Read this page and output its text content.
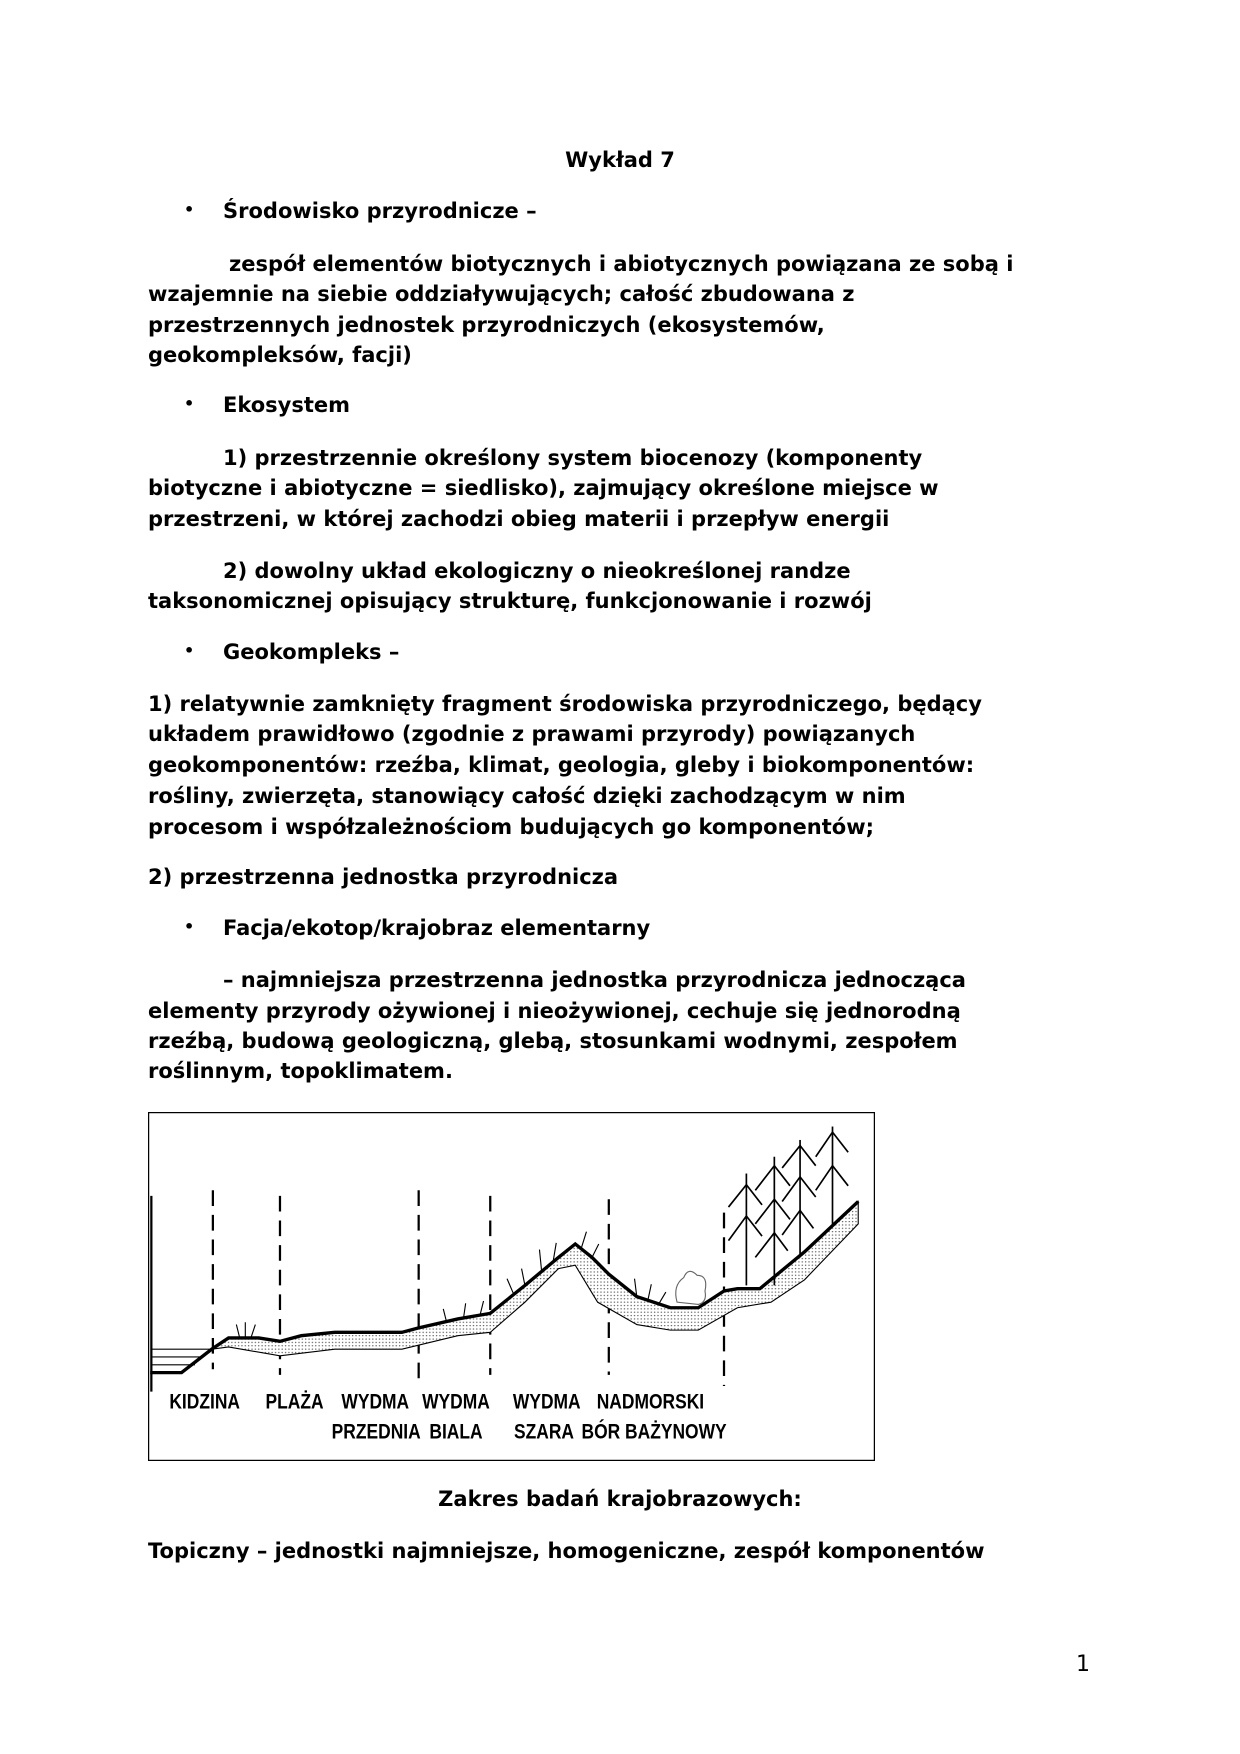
Wykład 7
• Środowisko przyrodnicze –
zespół elementów biotycznych i abiotycznych powiązana ze sobą i
wzajemnie na siebie oddziaływujących; całość zbudowana z
przestrzennych jednostek przyrodniczych (ekosystemów,
geokompleksów, facji)
• Ekosystem
1) przestrzennie określony system biocenozy (komponenty
biotyczne i abiotyczne = siedlisko), zajmujący określone miejsce w
przestrzeni, w której zachodzi obieg materii i przepływ energii
2) dowolny układ ekologiczny o nieokreślonej randze
taksonomicznej opisujący strukturę, funkcjonowanie i rozwój
• Geokompleks –
1) relatywnie zamknięty fragment środowiska przyrodniczego, będący
układem prawidłowo (zgodnie z prawami przyrody) powiązanych
geokomponentów: rzeźba, klimat, geologia, gleby i biokomponentów:
rośliny, zwierzęta, stanowiący całość dzięki zachodzącym w nim
procesom i współzależnościom budujących go komponentów;
2) przestrzenna jednostka przyrodnicza
• Facja/ekotop/krajobraz elementarny
– najmniejsza przestrzenna jednostka przyrodnicza jednocząca
elementy przyrody ożywionej i nieożywionej, cechuje się jednorodną
rzeźbą, budową geologiczną, glebą, stosunkami wodnymi, zespołem
roślinnym, topoklimatem.
KIDZINA PLAŻA WYDMA
PRZEDNIA
WYDMA
BIALA
WYDMA
SZARA
NADMORSKI
BÓR BAŻYNOWY
Zakres badań krajobrazowych:
Topiczny – jednostki najmniejsze, homogeniczne, zespół komponentów
1
